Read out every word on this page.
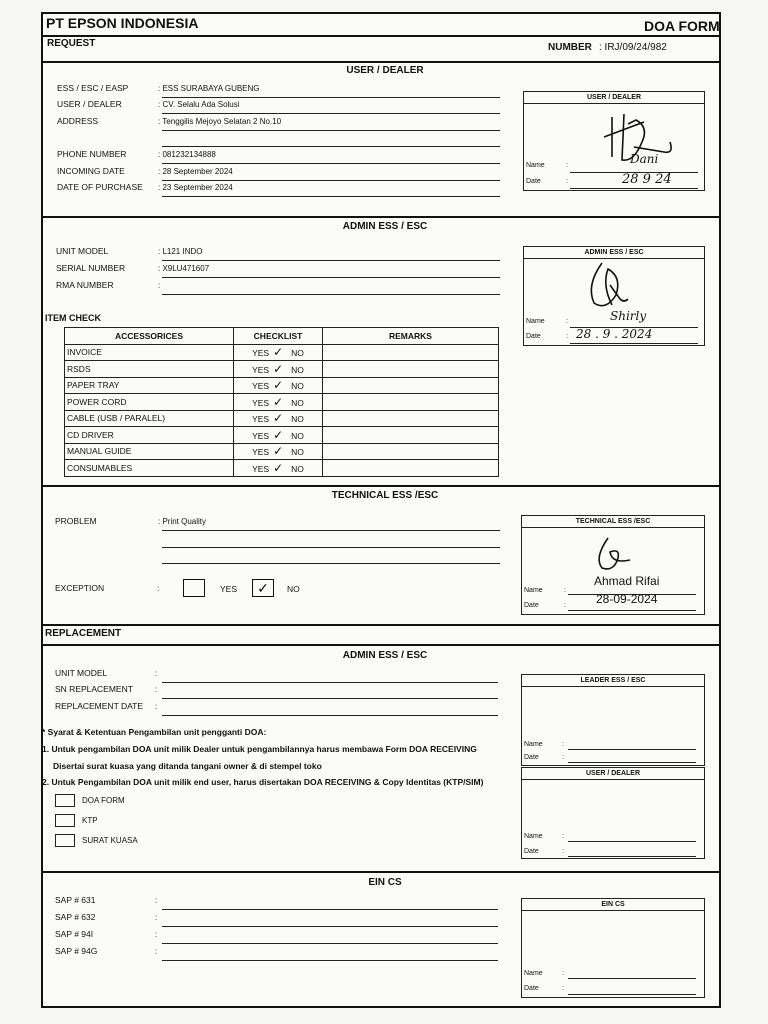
PT EPSON INDONESIA	DOA FORM
REQUEST	NUMBER : IRJ/09/24/982
USER / DEALER
ESS / ESC / EASP	: ESS SURABAYA GUBENG
USER / DEALER	: CV. Selalu Ada Solusi
ADDRESS	: Tenggilis Mejoyo Selatan 2 No.10
PHONE NUMBER	: 081232134888
INCOMING DATE	: 28 September 2024
DATE OF PURCHASE : 23 September 2024
USER / DEALER
Name	:	Dani
Date	:	28 9 24
ADMIN ESS / ESC
UNIT MODEL	: L121 INDO
SERIAL NUMBER	: X9LU471607
RMA NUMBER	:
ITEM CHECK
ACCESSORICES	CHECKLIST	REMARKS
INVOICE	YES ✓ NO	
RSDS	YES ✓ NO	
PAPER TRAY	YES ✓ NO	
POWER CORD	YES ✓ NO	
CABLE (USB / PARALEL)	YES ✓ NO	
CD DRIVER	YES ✓ NO	
MANUAL GUIDE	YES ✓ NO	
CONSUMABLES	YES ✓ NO	
ADMIN ESS / ESC
Name	:	Shirly
Date	: 28 . 9 . 2024
TECHNICAL ESS /ESC
PROBLEM	: Print Quality
EXCEPTION	:	YES	✓	NO
TECHNICAL ESS /ESC
Name	:
Ahmad Rifai
Date	:	28-09-2024
REPLACEMENT
ADMIN ESS / ESC
UNIT MODEL	:
SN REPLACEMENT	:
REPLACEMENT DATE :
* Syarat & Ketentuan Pengambilan unit pengganti DOA:
1. Untuk pengambilan DOA unit milik Dealer untuk pengambilannya harus membawa Form DOA RECEIVING
Disertai surat kuasa yang ditanda tangani owner & di stempel toko
2. Untuk Pengambilan DOA unit milik end user, harus disertakan DOA RECEIVING & Copy Identitas (KTP/SIM)
DOA FORM
KTP
SURAT KUASA
LEADER ESS / ESC
Name	:
Date	:
USER / DEALER
Name	:
Date	:
EIN CS
SAP # 631	:
SAP # 632	:
SAP # 94I	:
SAP # 94G	:
EIN CS
Name	:
Date	:
